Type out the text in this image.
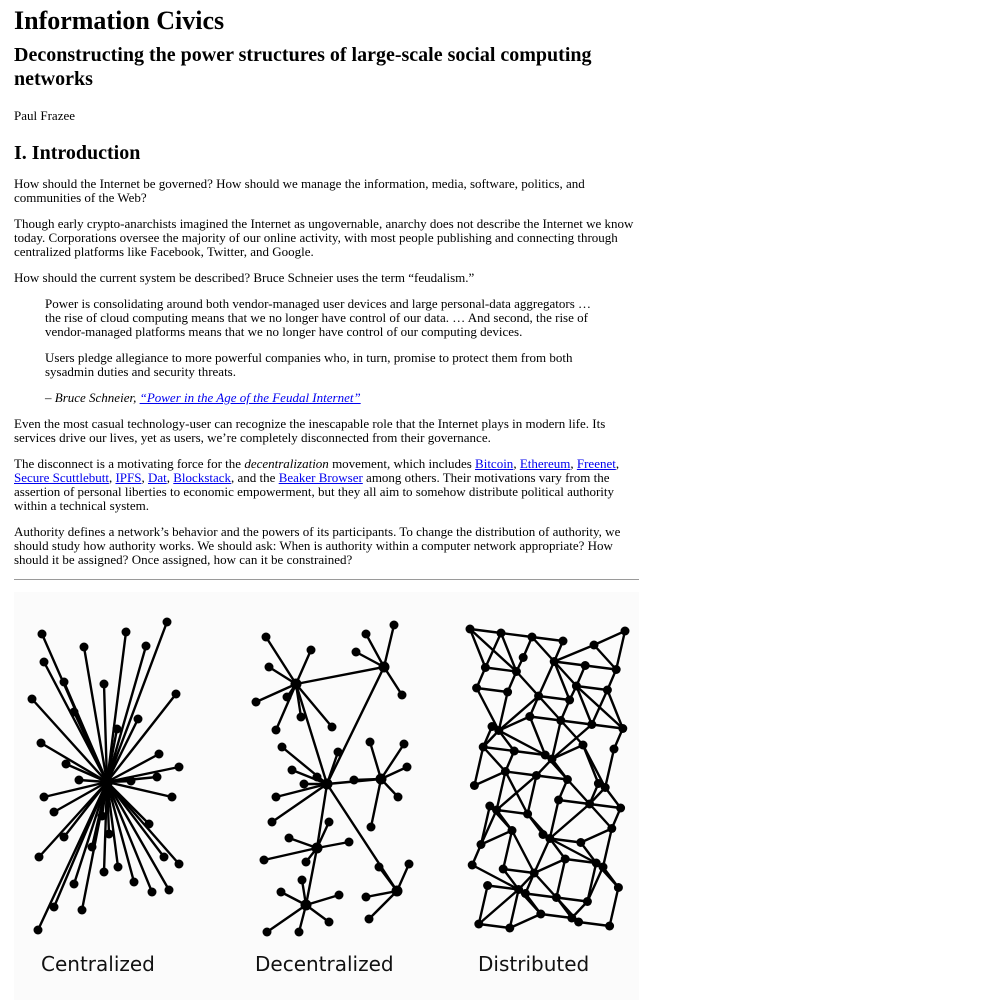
Information Civics
Deconstructing the power structures of large-scale social computing networks

Paul Frazee

I. Introduction

How should the Internet be governed? How should we manage the information, media, software, politics, and communities of the Web?

Though early crypto-anarchists imagined the Internet as ungovernable, anarchy does not describe the Internet we know today. Corporations oversee the majority of our online activity, with most people publishing and connecting through centralized platforms like Facebook, Twitter, and Google.

How should the current system be described? Bruce Schneier uses the term “feudalism.”

Power is consolidating around both vendor-managed user devices and large personal-data aggregators … the rise of cloud computing means that we no longer have control of our data. … And second, the rise of vendor-managed platforms means that we no longer have control of our computing devices.

Users pledge allegiance to more powerful companies who, in turn, promise to protect them from both sysadmin duties and security threats.

– Bruce Schneier, “Power in the Age of the Feudal Internet”

Even the most casual technology-user can recognize the inescapable role that the Internet plays in modern life. Its services drive our lives, yet as users, we’re completely disconnected from their governance.

The disconnect is a motivating force for the decentralization movement, which includes Bitcoin, Ethereum, Freenet, Secure Scuttlebutt, IPFS, Dat, Blockstack, and the Beaker Browser among others. Their motivations vary from the assertion of personal liberties to economic empowerment, but they all aim to somehow distribute political authority within a technical system.

Authority defines a network’s behavior and the powers of its participants. To change the distribution of authority, we should study how authority works. We should ask: When is authority within a computer network appropriate? How should it be assigned? Once assigned, how can it be constrained?

Centralized	Decentralized	Distributed
